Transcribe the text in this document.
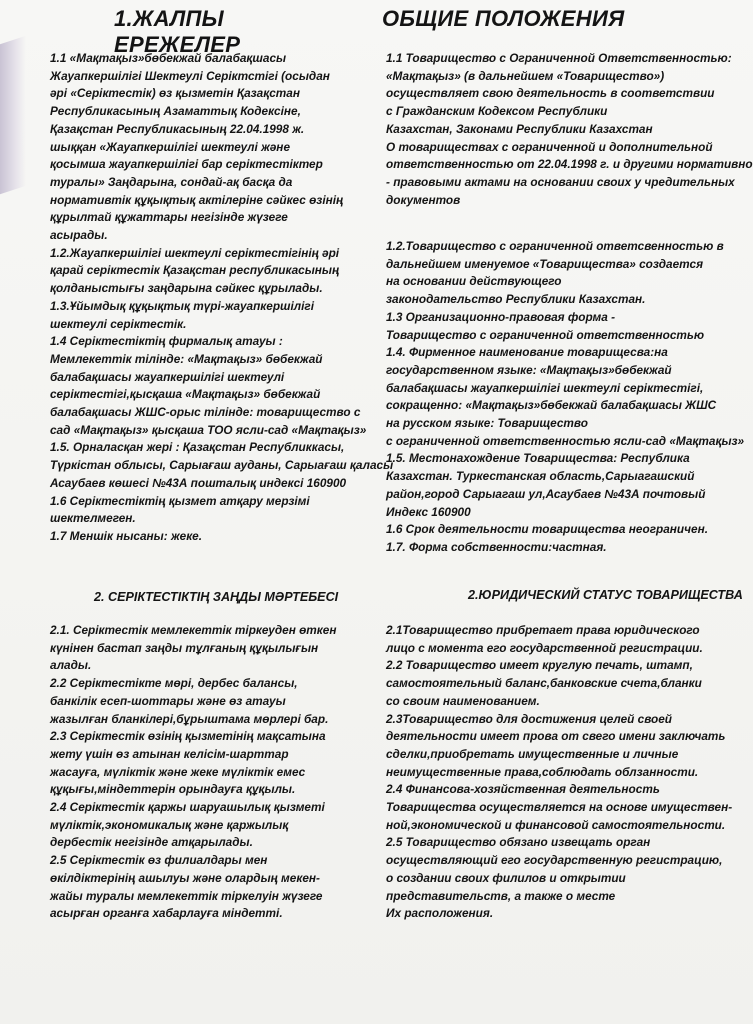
1.ЖАЛПЫ ЕРЕЖЕЛЕР
1.1 «Мақтақыз»бөбекжай балабақшасы
Жауапкершілігі Шектеулі Серіктстігі (осыдан
әрі «Серіктестік) өз қызметін Қазақстан
Республикасының Азаматтық Кодексіне,
Қазақстан Республикасының 22.04.1998 ж.
шыққан «Жауапкершілігі шектеулі және
қосымша жауапкершілігі бар серіктестіктер
туралы» Заңдарына, сондай-ақ басқа да
нормативтік құқықтық актілеріне сәйкес өзінің
құрылтай құжаттары негізінде жүзеге
асырады.
1.2.Жауапкершілігі шектеулі серіктестігінің әрі
қарай серіктестік Қазақстан республикасының
қолданыстығы заңдарына сәйкес құрылады.
1.3.Ұйымдық құқықтық түрі-жауапкершілігі
шектеулі серіктестік.
1.4 Серіктестіктің фирмалық атауы :
Мемлекеттік тілінде: «Мақтақыз» бөбекжай
балабақшасы жауапкершілігі шектеулі
серіктестігі,қысқаша «Мақтақыз» бөбекжай
балабақшасы ЖШС-орыс тілінде: товарищество с
сад «Мақтақыз» қысқаша ТОО ясли-сад «Мақтақыз»
1.5. Орналасқан жері : Қазақстан Республиккасы,
Түркістан облысы, Сарыағаш ауданы, Сарыағаш қаласы
Асаубаев көшесі №43А пошталық индексі 160900
1.6 Серіктестіктің қызмет атқару мерзімі
шектелмеген.
1.7 Меншік нысаны: жеке.
2. СЕРІКТЕСТІКТІҢ ЗАҢДЫ МӘРТЕБЕСІ
2.1. Серіктестік мемлекеттік тіркеуден өткен
күнінен бастап заңды тұлғаның құқылығын
алады.
2.2 Серіктестікте мөрі, дербес балансы,
банкілік есеп-шоттары және өз атауы
жазылған бланкілері,бұрыштама мөрлері бар.
2.3 Серіктестік өзінің қызметінің мақсатына
жету үшін өз атынан келісім-шарттар
жасауға, мүліктік және жеке мүліктік емес
құқығы,міндеттерін орындауға құқылы.
2.4 Серіктестік қаржы шаруашылық қызметі
мүліктік,экономикалық және қаржылық
дербестік негізінде атқарылады.
2.5 Серіктестік өз филиалдары мен
өкілдіктерінің ашылуы және олардың мекен-
жайы туралы мемлекеттік тіркелуін жүзеге
асырған органға хабарлауға міндетті.
ОБЩИЕ ПОЛОЖЕНИЯ
1.1 Товарищество с Ограниченной Ответственностью:
«Мақтақыз» (в дальнейшем «Товарищество»)
осуществляет свою деятельность в соответствии
с Гражданским Кодексом Республики
Казахстан, Законами Республики Казахстан
О товариществах с ограниченной и дополнительной
ответственностью от 22.04.1998 г. и другими нормативно
- правовыми актами на основании своих у чредительных
документов
1.2.Товарищество с ограниченной ответсвенностью в
дальнейшем именуемое «Товарищества» создается
на основании действующего
законодательство Республики Казахстан.
1.3 Организационно-правовая форма -
Товарищество с ограниченной ответственностью
1.4. Фирменное наименование товарищесва:на
государственном языке: «Мақтақыз»бөбекжай
балабақшасы жауапкершілігі шектеулі серіктестігі,
сокращенно: «Мақтақыз»бөбекжай балабақшасы ЖШС
на русском языке: Товарищество
с ограниченной ответственностью ясли-сад «Мақтақыз»
1.5. Местонахождение Товарищества: Республика
Казахстан. Туркестанская область,Сарыагашский
район,город Сарыагаш ул,Асаубаев №43А почтовый
Индекс 160900
1.6 Срок деятельности товарищества неограничен.
1.7. Форма собственности:частная.
2.ЮРИДИЧЕСКИЙ СТАТУС ТОВАРИЩЕСТВА
2.1Товарищество прибретает права юридического
лицо с момента его государственной регистрации.
2.2 Товарищество имеет круглую печать, штамп,
самостоятельный баланс,банковские счета,бланки
со своим наименованием.
2.3Товарищество для достижения целей своей
деятельности имеет прова от свего имени заключать
сделки,приобретать имущественные и личные
неимущественные права,соблюдать облзанности.
2.4 Финансова-хозяйственная деятельность
Товарищества осуществляется на основе имуществен-
ной,экономической и финансовой самостоятельности.
2.5 Товарищество обязано извещать орган
осуществляющий его государственную регистрацию,
о создании своих филилов и открытии
представительств, а также о месте
Их расположения.
